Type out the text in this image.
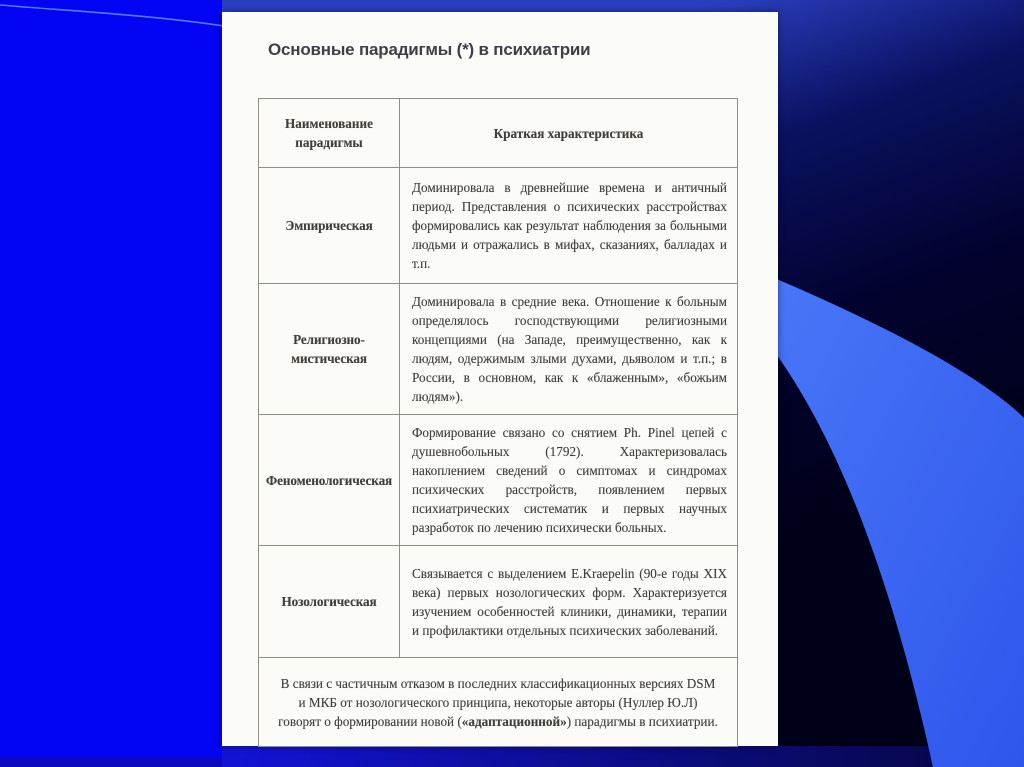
Основные парадигмы (*) в психиатрии
Наименование парадигмы	Краткая характеристика
Эмпирическая	Доминировала в древнейшие времена и античный период. Представления о психических расстройствах формировались как результат наблюдения за больными людьми и отражались в мифах, сказаниях, балладах и т.п.
Религиозно-мистическая	Доминировала в средние века. Отношение к больным определялось господствующими религиозными концепциями (на Западе, преимущественно, как к людям, одержимым злыми духами, дьяволом и т.п.; в России, в основном, как к «блаженным», «божьим людям»).
Феноменологическая	Формирование связано со снятием Ph. Pinel цепей с душевнобольных (1792). Характеризовалась накоплением сведений о симптомах и синдромах психических расстройств, появлением первых психиатрических систематик и первых научных разработок по лечению психически больных.
Нозологическая	Связывается с выделением E.Kraepelin (90-е годы XIX века) первых нозологических форм. Характеризуется изучением особенностей клиники, динамики, терапии и профилактики отдельных психических заболеваний.
В связи с частичным отказом в последних классификационных версиях DSM и МКБ от нозологического принципа, некоторые авторы (Нуллер Ю.Л) говорят о формировании новой («адаптационной») парадигмы в психиатрии.	
